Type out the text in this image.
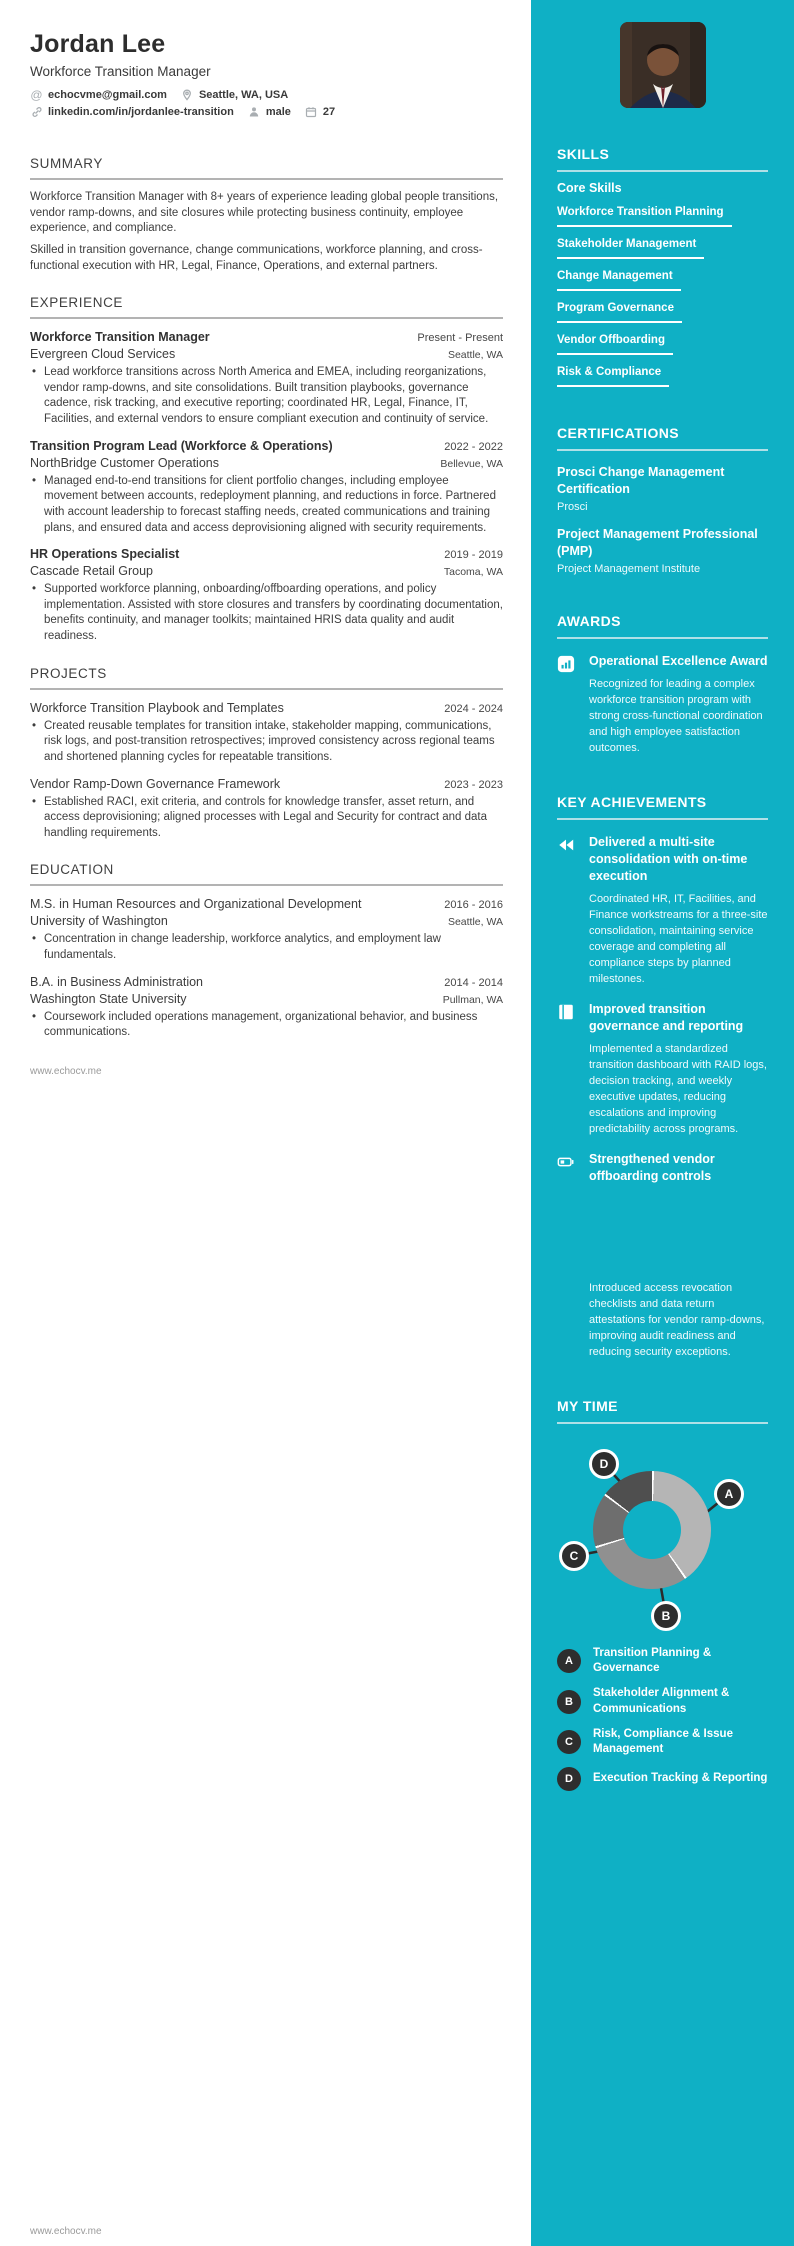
Jordan Lee
Workforce Transition Manager
@ echocvme@gmail.com	Seattle, WA, USA
linkedin.com/in/jordanlee-transition	male	27
SUMMARY

Workforce Transition Manager with 8+ years of experience leading global people transitions, vendor ramp-downs, and site closures while protecting business continuity, employee experience, and compliance.

Skilled in transition governance, change communications, workforce planning, and cross-functional execution with HR, Legal, Finance, Operations, and external partners.

EXPERIENCE
Workforce Transition Manager	Present - Present
Evergreen Cloud Services	Seattle, WA
• Lead workforce transitions across North America and EMEA, including reorganizations, vendor ramp-downs, and site consolidations. Built transition playbooks, governance cadence, risk tracking, and executive reporting; coordinated HR, Legal, Finance, IT, Facilities, and external vendors to ensure compliant execution and continuity of service.
Transition Program Lead (Workforce & Operations)	2022 - 2022
NorthBridge Customer Operations	Bellevue, WA
• Managed end-to-end transitions for client portfolio changes, including employee movement between accounts, redeployment planning, and reductions in force. Partnered with account leadership to forecast staffing needs, created communications and training plans, and ensured data and access deprovisioning aligned with security requirements.
HR Operations Specialist	2019 - 2019
Cascade Retail Group	Tacoma, WA
• Supported workforce planning, onboarding/offboarding operations, and policy implementation. Assisted with store closures and transfers by coordinating documentation, benefits continuity, and manager toolkits; maintained HRIS data quality and audit readiness.
PROJECTS
Workforce Transition Playbook and Templates	2024 - 2024
• Created reusable templates for transition intake, stakeholder mapping, communications, risk logs, and post-transition retrospectives; improved consistency across regional teams and shortened planning cycles for repeatable transitions.
Vendor Ramp-Down Governance Framework	2023 - 2023
• Established RACI, exit criteria, and controls for knowledge transfer, asset return, and access deprovisioning; aligned processes with Legal and Security for contract and data handling requirements.
EDUCATION
M.S. in Human Resources and Organizational Development	2016 - 2016
University of Washington	Seattle, WA
• Concentration in change leadership, workforce analytics, and employment law fundamentals.
B.A. in Business Administration	2014 - 2014
Washington State University	Pullman, WA
• Coursework included operations management, organizational behavior, and business communications.
www.echocv.me
www.echocv.me
SKILLS
Core Skills
Workforce Transition Planning
Stakeholder Management
Change Management
Program Governance
Vendor Offboarding
Risk & Compliance
CERTIFICATIONS
Prosci Change Management Certification
Prosci
Project Management Professional (PMP)
Project Management Institute
AWARDS
Operational Excellence Award
Recognized for leading a complex workforce transition program with strong cross-functional coordination and high employee satisfaction outcomes.
KEY ACHIEVEMENTS
Delivered a multi-site consolidation with on-time execution
Coordinated HR, IT, Facilities, and Finance workstreams for a three-site consolidation, maintaining service coverage and completing all compliance steps by planned milestones.
Improved transition governance and reporting
Implemented a standardized transition dashboard with RAID logs, decision tracking, and weekly executive updates, reducing escalations and improving predictability across programs.
Strengthened vendor offboarding controls
Introduced access revocation checklists and data return attestations for vendor ramp-downs, improving audit readiness and reducing security exceptions.
MY TIME
D
A
C
B
A
Transition Planning & Governance
B
Stakeholder Alignment & Communications
C
Risk, Compliance & Issue Management
D	Execution Tracking & Reporting
